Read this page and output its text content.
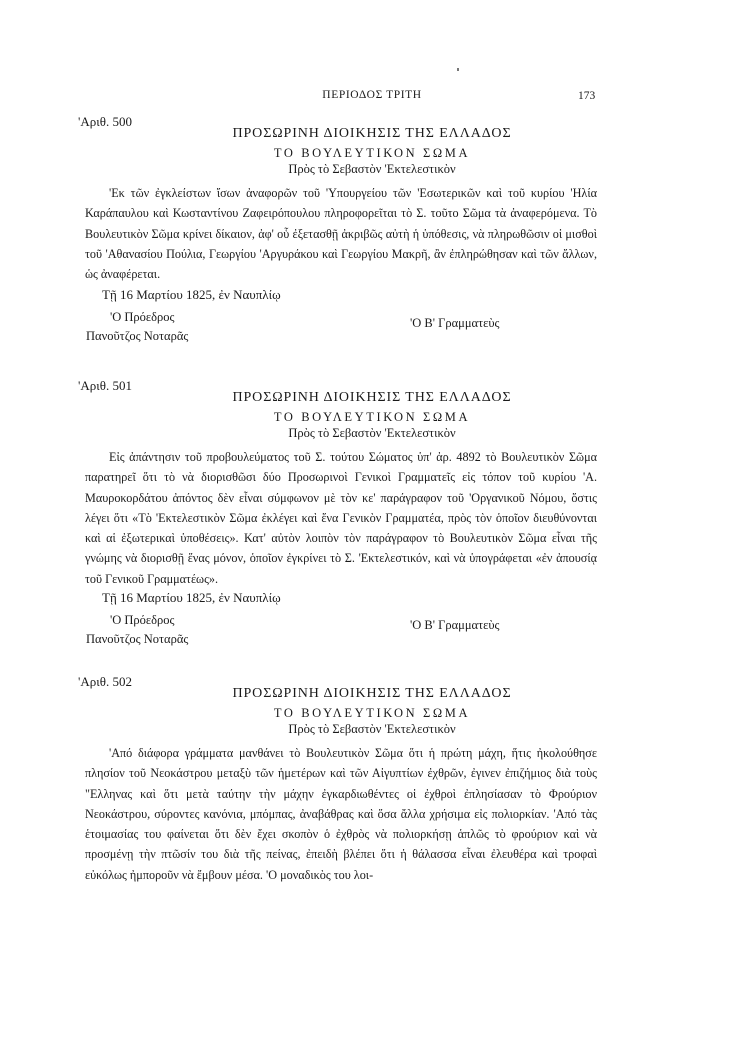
ΠΕΡΙΟΔΟΣ ΤΡΙΤΗ	173
'Αριθ. 500
ΠΡΟΣΩΡΙΝΗ ΔΙΟΙΚΗΣΙΣ ΤΗΣ ΕΛΛΑΔΟΣ
ΤΟ ΒΟΥΛΕΥΤΙΚΟΝ ΣΩΜΑ
Πρὸς τὸ Σεβαστὸν 'Εκτελεστικὸν

'Εκ τῶν ἐγκλείστων ἴσων ἀναφορῶν τοῦ 'Υπουργείου τῶν 'Εσωτερικῶν καὶ τοῦ κυρίου 'Ηλία Καράπαυλου καὶ Κωσταντίνου Ζαφειρόπουλου πληροφορεῖται τὸ Σ. τοῦτο Σῶμα τὰ ἀναφερόμενα. Τὸ Βουλευτικὸν Σῶμα κρίνει δίκαιον, ἀφ' οὗ ἐξετασθῇ ἀκριβῶς αὐτὴ ἡ ὑπόθεσις, νὰ πληρωθῶσιν οἱ μισθοὶ τοῦ 'Αθανασίου Πούλια, Γεωργίου 'Αργυράκου καὶ Γεωργίου Μακρῆ, ἂν ἐπληρώθησαν καὶ τῶν ἄλλων, ὡς ἀναφέρεται.

Τῇ 16 Μαρτίου 1825, ἐν Ναυπλίῳ
'Ο Πρόεδρος
Πανοῦτζος Νοταρᾶς
'Ο Β' Γραμματεὺς
'Αριθ. 501
ΠΡΟΣΩΡΙΝΗ ΔΙΟΙΚΗΣΙΣ ΤΗΣ ΕΛΛΑΔΟΣ
ΤΟ ΒΟΥΛΕΥΤΙΚΟΝ ΣΩΜΑ
Πρὸς τὸ Σεβαστὸν 'Εκτελεστικὸν

Εἰς ἀπάντησιν τοῦ προβουλεύματος τοῦ Σ. τούτου Σώματος ὑπ' ἀρ. 4892 τὸ Βουλευτικὸν Σῶμα παρατηρεῖ ὅτι τὸ νὰ διορισθῶσι δύο Προσωρινοὶ Γενικοὶ Γραμματεῖς εἰς τόπον τοῦ κυρίου 'Α. Μαυροκορδάτου ἀπόντος δὲν εἶναι σύμφωνον μὲ τὸν κε' παράγραφον τοῦ 'Οργανικοῦ Νόμου, ὅστις λέγει ὅτι «Τὸ 'Εκτελεστικὸν Σῶμα ἐκλέγει καὶ ἕνα Γενικὸν Γραμματέα, πρὸς τὸν ὁποῖον διευθύνονται καὶ αἱ ἐξωτερικαὶ ὑποθέσεις». Κατ' αὐτὸν λοιπὸν τὸν παράγραφον τὸ Βουλευτικὸν Σῶμα εἶναι τῆς γνώμης νὰ διορισθῇ ἕνας μόνον, ὁποῖον ἐγκρίνει τὸ Σ. 'Εκτελεστικόν, καὶ νὰ ὑπογράφεται «ἐν ἀπουσίᾳ τοῦ Γενικοῦ Γραμματέως».

Τῇ 16 Μαρτίου 1825, ἐν Ναυπλίῳ
'Ο Πρόεδρος
Πανοῦτζος Νοταρᾶς
'Ο Β' Γραμματεὺς
'Αριθ. 502
ΠΡΟΣΩΡΙΝΗ ΔΙΟΙΚΗΣΙΣ ΤΗΣ ΕΛΛΑΔΟΣ
ΤΟ ΒΟΥΛΕΥΤΙΚΟΝ ΣΩΜΑ
Πρὸς τὸ Σεβαστὸν 'Εκτελεστικὸν

'Από διάφορα γράμματα μανθάνει τὸ Βουλευτικὸν Σῶμα ὅτι ἡ πρώτη μάχη, ἥτις ἠκολούθησε πλησίον τοῦ Νεοκάστρου μεταξὺ τῶν ἡμετέρων καὶ τῶν Αἰγυπτίων ἐχθρῶν, ἐγινεν ἐπιζήμιος διὰ τοὺς "Ελληνας καὶ ὅτι μετὰ ταύτην τὴν μάχην ἐγκαρδιωθέντες οἱ ἐχθροὶ ἐπλησίασαν τὸ Φρούριον Νεοκάστρου, σύροντες κανόνια, μπόμπας, ἀναβάθρας καὶ ὅσα ἄλλα χρήσιμα εἰς πολιορκίαν. 'Από τὰς ἑτοιμασίας του φαίνεται ὅτι δὲν ἔχει σκοπὸν ὁ ἐχθρὸς νὰ πολιορκήσῃ ἁπλῶς τὸ φρούριον καὶ νὰ προσμένῃ τὴν πτῶσίν του διὰ τῆς πείνας, ἐπειδὴ βλέπει ὅτι ἡ θάλασσα εἶναι ἐλευθέρα καὶ τροφαὶ εὐκόλως ἠμποροῦν νὰ ἔμβουν μέσα. 'Ο μοναδικὸς του λοι-
